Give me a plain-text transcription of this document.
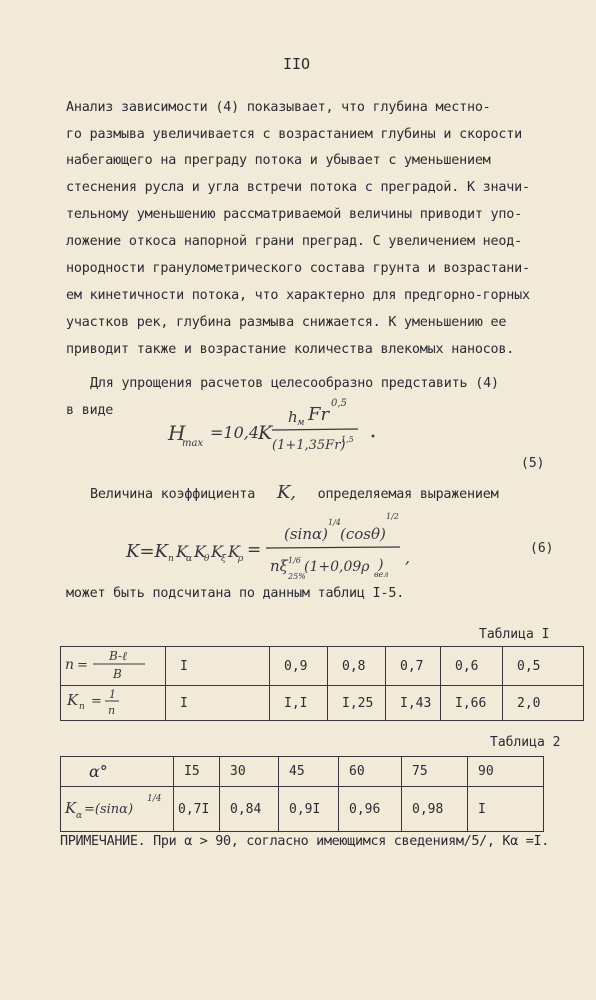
IIO
Анализ зависимости (4) показывает, что глубина местно-
го размыва увеличивается с возрастанием глубины и скорости
набегающего на преграду потока и убывает с уменьшением
стеснения русла и угла встречи потока с преградой. К значи-
тельному уменьшению рассматриваемой величины приводит упо-
ложение откоса напорной грани преград. С увеличением неод-
нородности гранулометрического состава грунта и возрастани-
ем кинетичности потока, что характерно для предгорно-горных
участков рек, глубина размыва снижается. К уменьшению ее
приводит также и возрастание количества влекомых наносов.
Для упрощения расчетов целесообразно представить (4)
в виде
H
max
=10,4
K
h м Fr
0,5
(1+1,35Fr)
1,5
(5)
Величина коэффициента K, определяемая выражением
K=K n K
α K
θ K
ξ K
ρ =
(sinα)
1/4
(cosθ)
1/2
nξ 1/6
25%
(1+0,09ρ вел
) ,	(6)
может быть подсчитана по данным таблиц I-5.
Таблица I
n =
B-ℓ
B	I	0,9	0,8	0,7	0,6	0,5

K n = 1
n	I	I,I	I,25	I,43	I,66	2,0
Таблица 2
α°	I5	30	45	60	75	90

K α =(sinα)
1/4	0,7I	0,84	0,9I	0,96	0,98	I
ПРИМЕЧАНИЕ. При α > 90, согласно имеющимся сведениям/5/, Kα =I.
